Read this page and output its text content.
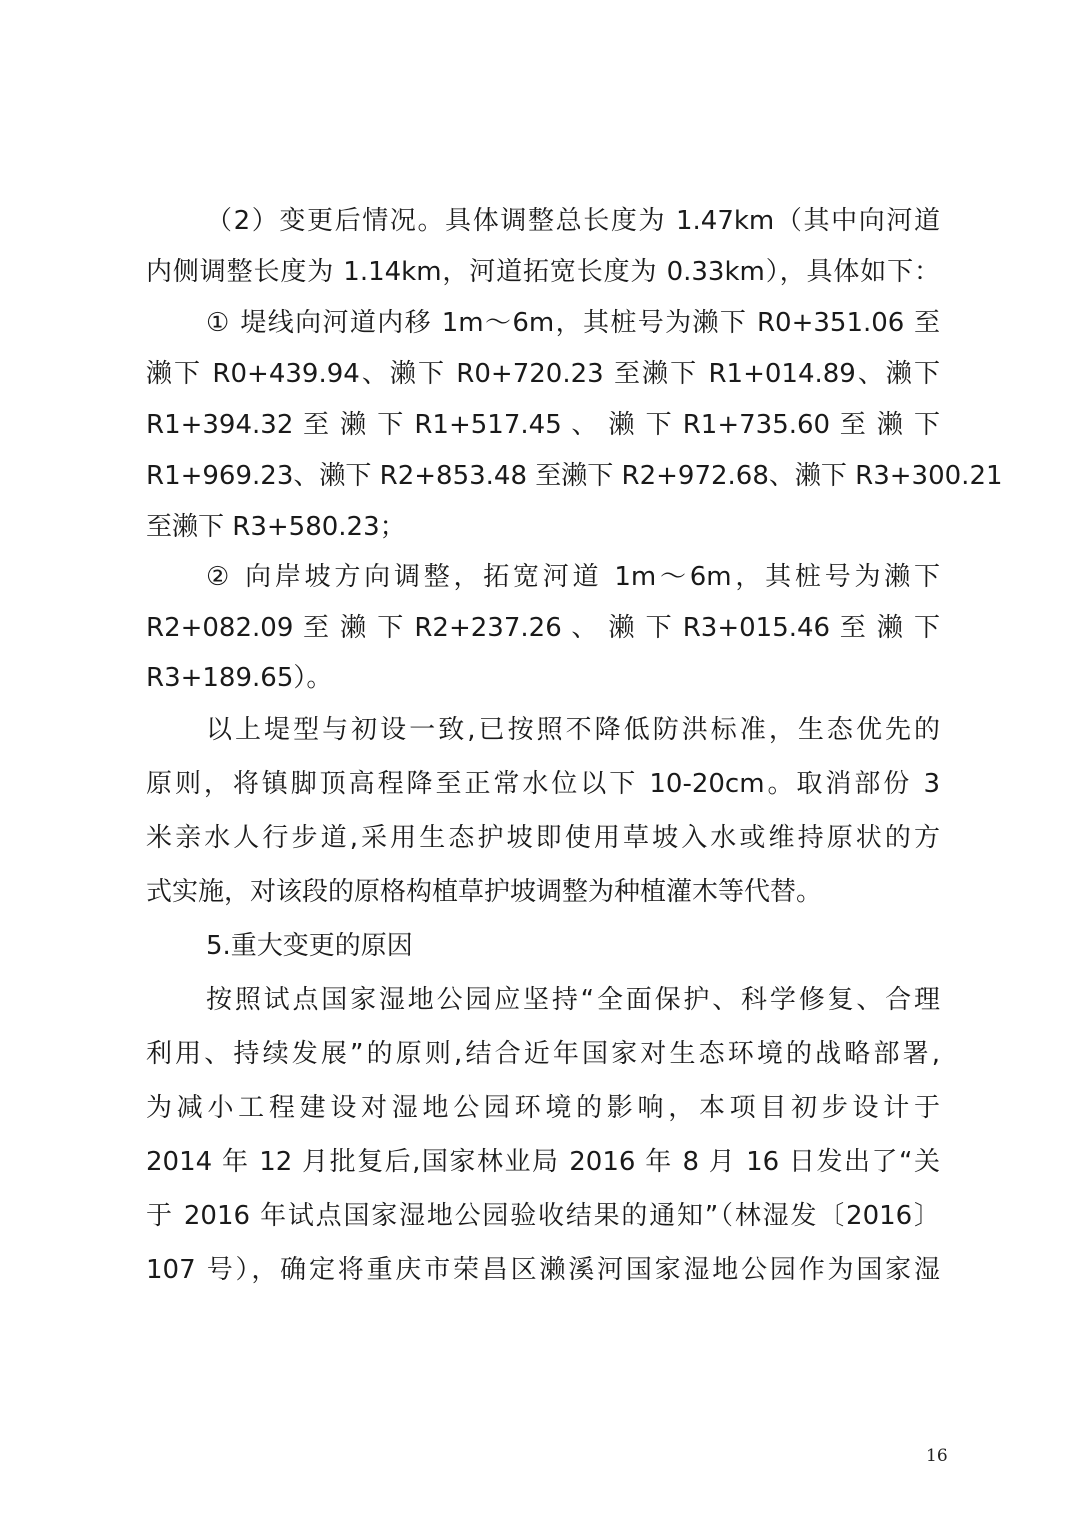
（2）变更后情况。具体调整总长度为 1.47km（其中向河道
内侧调整长度为 1.14km，河道拓宽长度为 0.33km），具体如下：
① 堤线向河道内移 1m～6m，其桩号为濑下 R0+351.06 至
濑下 R0+439.94、濑下 R0+720.23 至濑下 R1+014.89、濑下
R1+394.32 至 濑 下 R1+517.45 、 濑 下 R1+735.60 至 濑 下
R1+969.23、濑下 R2+853.48 至濑下 R2+972.68、濑下 R3+300.21
至濑下 R3+580.23；
② 向岸坡方向调整，拓宽河道 1m～6m，其桩号为濑下
R2+082.09 至 濑 下 R2+237.26 、 濑 下 R3+015.46 至 濑 下
R3+189.65）。
以上堤型与初设一致,已按照不降低防洪标准，生态优先的
原则，将镇脚顶高程降至正常水位以下 10-20cm。取消部份 3
米亲水人行步道,采用生态护坡即使用草坡入水或维持原状的方
式实施，对该段的原格构植草护坡调整为种植灌木等代替。
5.重大变更的原因
按照试点国家湿地公园应坚持“全面保护、科学修复、合理
利用、持续发展”的原则,结合近年国家对生态环境的战略部署,
为减小工程建设对湿地公园环境的影响，本项目初步设计于
2014 年 12 月批复后,国家林业局 2016 年 8 月 16 日发出了“关
于 2016 年试点国家湿地公园验收结果的通知”（林湿发〔2016〕
107 号），确定将重庆市荣昌区濑溪河国家湿地公园作为国家湿
16
